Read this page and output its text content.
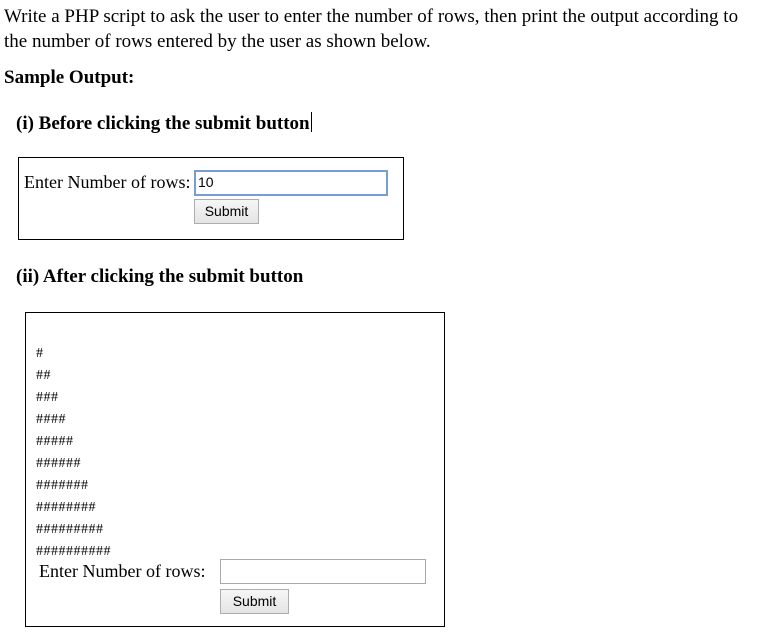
Write a PHP script to ask the user to enter the number of rows, then print the output according to the number of rows entered by the user as shown below.
Sample Output:
(i) Before clicking the submit button
Enter Number of rows: 10
Submit
(ii) After clicking the submit button
#
##
###
####
#####
######
#######
########
#########
##########
Enter Number of rows:
Submit
